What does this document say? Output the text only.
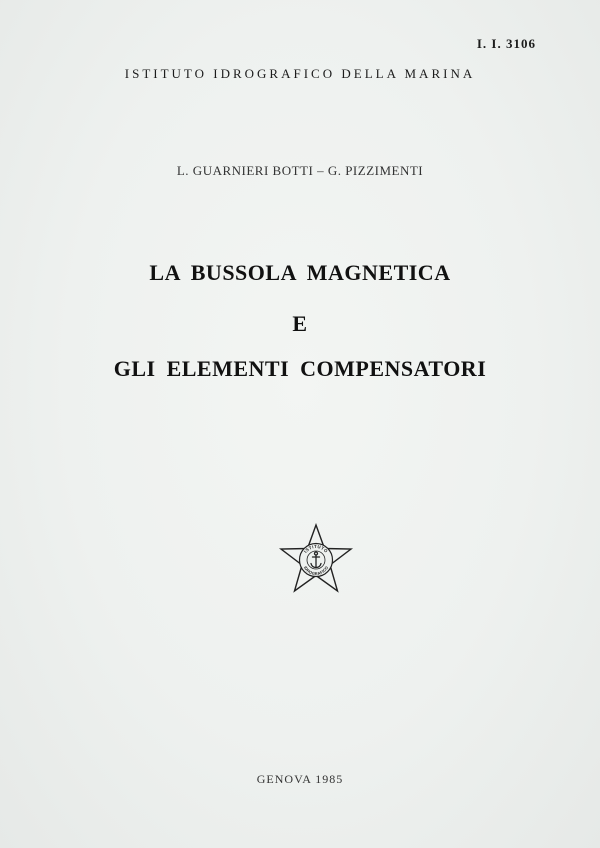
I. I. 3106
ISTITUTO IDROGRAFICO DELLA MARINA
L. GUARNIERI BOTTI – G. PIZZIMENTI
LA BUSSOLA MAGNETICA
E
GLI ELEMENTI COMPENSATORI
ISTITUTO
IDROGRAFICO
GENOVA 1985
